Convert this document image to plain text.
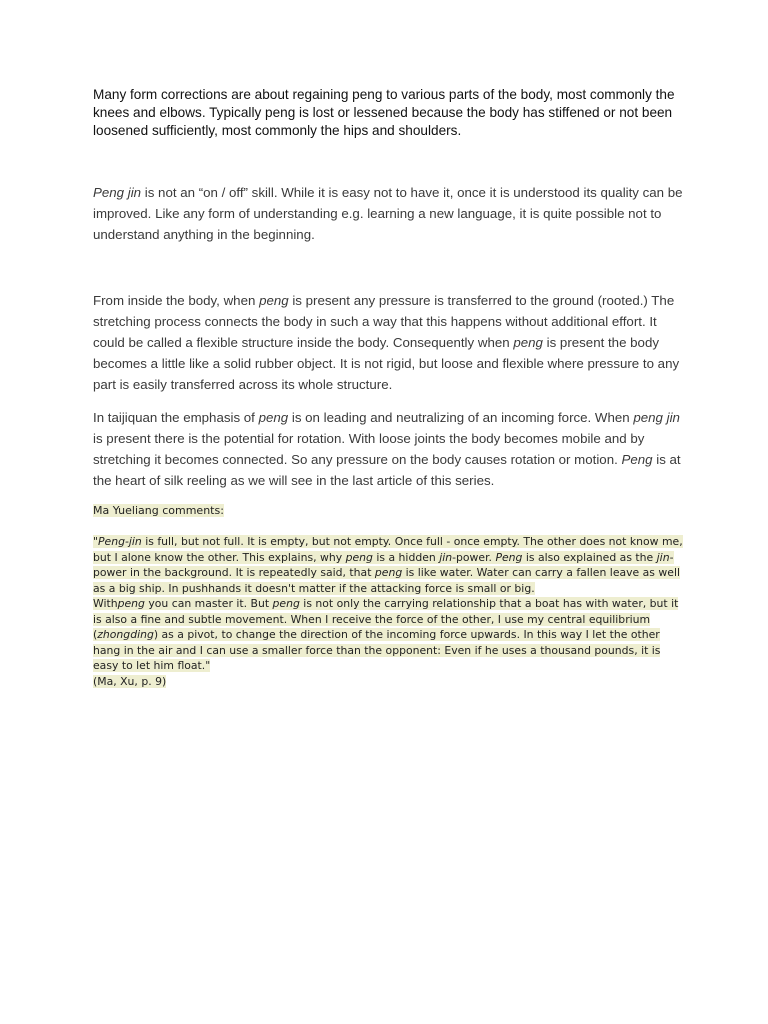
Many form corrections are about regaining peng to various parts of the body, most commonly the knees and elbows. Typically peng is lost or lessened because the body has stiffened or not been loosened sufficiently, most commonly the hips and shoulders.

Peng jin is not an “on / off” skill. While it is easy not to have it, once it is understood its quality can be improved. Like any form of understanding e.g. learning a new language, it is quite possible not to understand anything in the beginning.

From inside the body, when peng is present any pressure is transferred to the ground (rooted.) The stretching process connects the body in such a way that this happens without additional effort. It could be called a flexible structure inside the body. Consequently when peng is present the body becomes a little like a solid rubber object. It is not rigid, but loose and flexible where pressure to any part is easily transferred across its whole structure.

In taijiquan the emphasis of peng is on leading and neutralizing of an incoming force. When peng jin is present there is the potential for rotation. With loose joints the body becomes mobile and by stretching it becomes connected. So any pressure on the body causes rotation or motion. Peng is at the heart of silk reeling as we will see in the last article of this series.

Ma Yueliang comments:

"Peng-jin is full, but not full. It is empty, but not empty. Once full - once empty. The other does not know me, but I alone know the other. This explains, why peng is a hidden jin-power. Peng is also explained as the jin-power in the background. It is repeatedly said, that peng is like water. Water can carry a fallen leave as well as a big ship. In pushhands it doesn't matter if the attacking force is small or big.
Withpeng you can master it. But peng is not only the carrying relationship that a boat has with water, but it is also a fine and subtle movement. When I receive the force of the other, I use my central equilibrium (zhongding) as a pivot, to change the direction of the incoming force upwards. In this way I let the other hang in the air and I can use a smaller force than the opponent: Even if he uses a thousand pounds, it is easy to let him float."
(Ma, Xu, p. 9)
